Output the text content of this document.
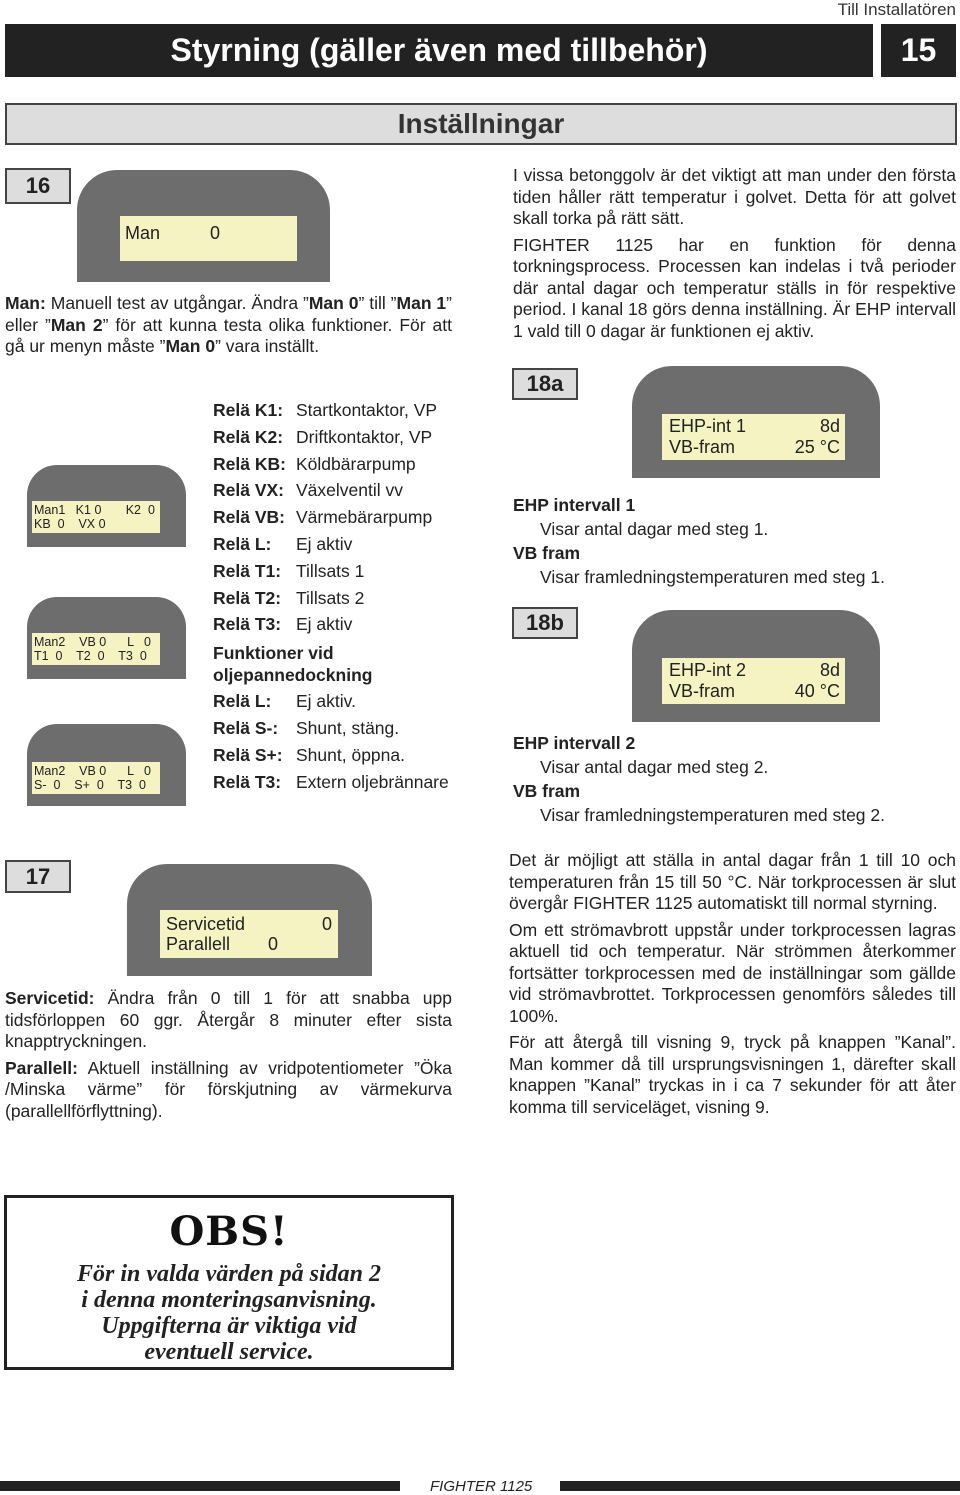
Till Installatören
Styrning (gäller även med tillbehör)	15
Inställningar
16
Man          0
Man: Manuell test av utgångar. Ändra ”Man 0” till ”Man 1” eller ”Man 2” för att kunna testa olika funktioner. För att gå ur menyn måste ”Man 0” vara inställt.
Man1   K1 0       K2  0
KB  0    VX 0
Man2    VB 0      L   0
T1  0    T2  0    T3  0
Man2    VB 0      L   0
S-  0    S+  0    T3  0
Relä K1: Startkontaktor, VP
Relä K2: Driftkontaktor, VP
Relä KB: Köldbärarpump
Relä VX: Växelventil vv
Relä VB: Värmebärarpump
Relä L:	Ej aktiv
Relä T1: Tillsats 1
Relä T2: Tillsats 2
Relä T3: Ej aktiv
Funktioner vid oljepannedockning
Relä L:	Ej aktiv.
Relä S-:	Shunt, stäng.
Relä S+: Shunt, öppna.
Relä T3: Extern oljebrännare
17
Servicetid	0
Parallell 0

Servicetid: Ändra från 0 till 1 för att snabba upp tidsförloppen 60 ggr. Återgår 8 minuter efter sista knapptryckningen.

Parallell: Aktuell inställning av vridpotentiometer ”Öka /Minska värme” för förskjutning av värmekurva (parallellförflyttning).

I vissa betonggolv är det viktigt att man under den första tiden håller rätt temperatur i golvet. Detta för att golvet skall torka på rätt sätt.

FIGHTER 1125 har en funktion för denna torkningsprocess. Processen kan indelas i två perioder där antal dagar och temperatur ställs in för respektive period. I kanal 18 görs denna inställning. Är EHP intervall 1 vald till 0 dagar är funktionen ej aktiv.

18a
EHP-int 1	8d
VB-fram	25 °C
EHP intervall 1
Visar antal dagar med steg 1.
VB fram
Visar framledningstemperaturen med steg 1.
18b
EHP-int 2	8d
VB-fram	40 °C
EHP intervall 2
Visar antal dagar med steg 2.
VB fram
Visar framledningstemperaturen med steg 2.

Det är möjligt att ställa in antal dagar från 1 till 10 och temperaturen från 15 till 50 °C. När torkprocessen är slut övergår FIGHTER 1125 automatiskt till normal styrning.

Om ett strömavbrott uppstår under torkprocessen lagras aktuell tid och temperatur. När strömmen återkommer fortsätter torkprocessen med de inställningar som gällde vid strömavbrottet. Torkprocessen genomförs således till 100%.

För att återgå till visning 9, tryck på knappen ”Kanal”. Man kommer då till ursprungsvisningen 1, därefter skall knappen ”Kanal” tryckas in i ca 7 sekunder för att åter komma till serviceläget, visning 9.

OBS!
För in valda värden på sidan 2
i denna monteringsanvisning.
Uppgifterna är viktiga vid
eventuell service.
FIGHTER 1125
